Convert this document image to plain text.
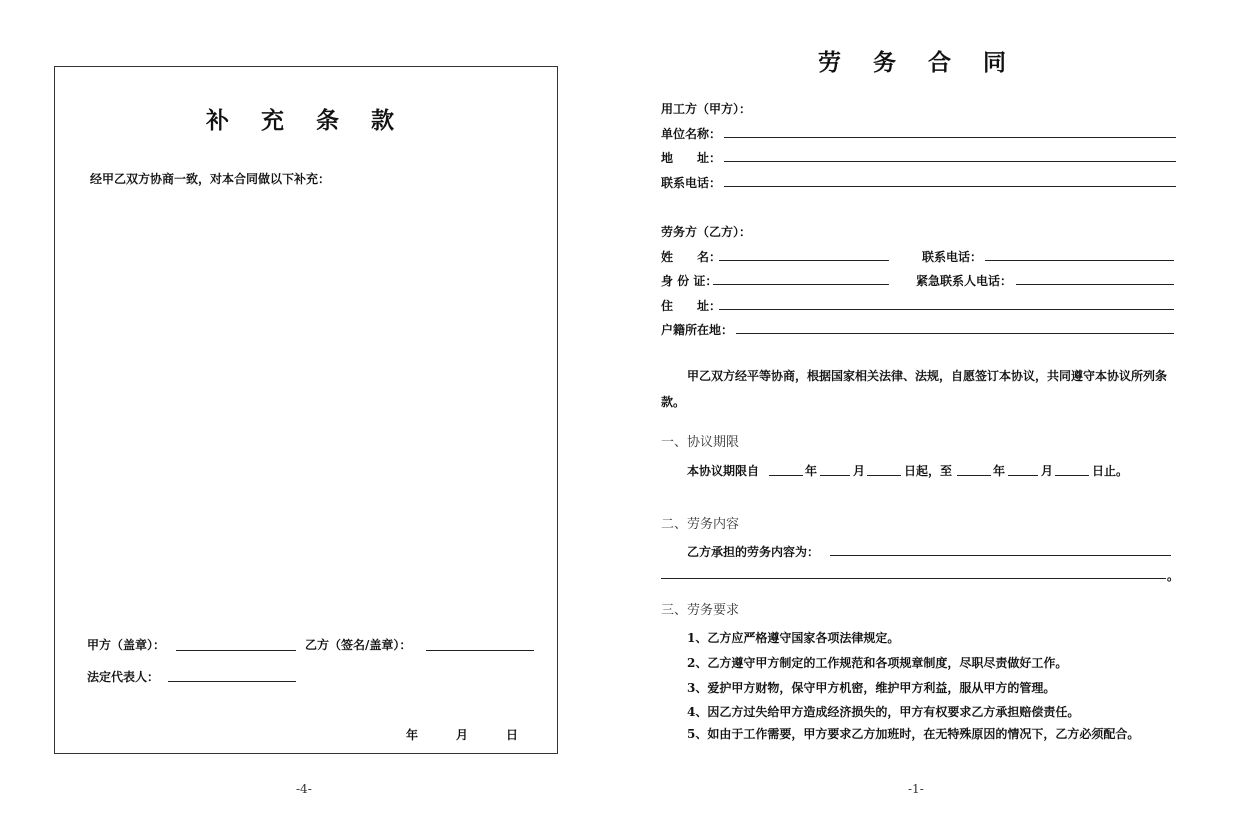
补 充 条 款
经甲乙双方协商一致，对本合同做以下补充：
甲方（盖章）：	乙方（签名/盖章）：
法定代表人：
年	月	日
-4-
劳 务 合 同
用工方（甲方）：
单位名称：
地　　址：
联系电话：
劳务方（乙方）：
姓　　名：	联系电话：
身 份 证：	紧急联系人电话：
住　　址：
户籍所在地：
甲乙双方经平等协商，根据国家相关法律、法规，自愿签订本协议，共同遵守本协议所列条款。
一、协议期限
本协议期限自	年	月	日起，至	年	月	日止。
二、劳务内容
乙方承担的劳务内容为：
。
三、劳务要求
1、乙方应严格遵守国家各项法律规定。
2、乙方遵守甲方制定的工作规范和各项规章制度，尽职尽责做好工作。
3、爱护甲方财物，保守甲方机密，维护甲方利益，服从甲方的管理。
4、因乙方过失给甲方造成经济损失的，甲方有权要求乙方承担赔偿责任。
5、如由于工作需要，甲方要求乙方加班时，在无特殊原因的情况下，乙方必须配合。
-1-
